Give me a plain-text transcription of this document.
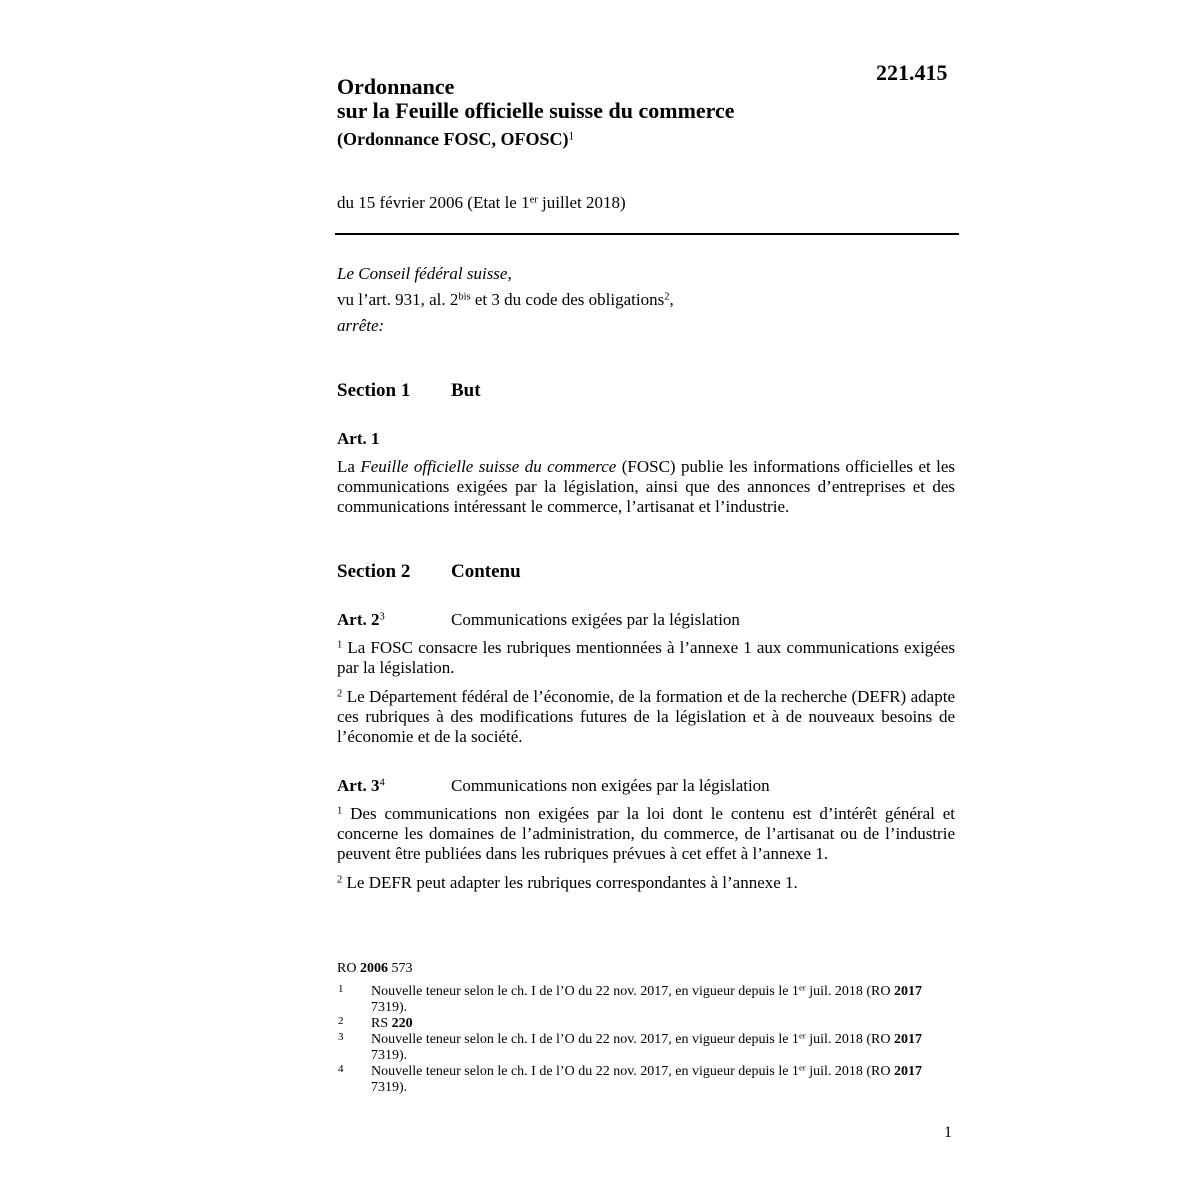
221.415
Ordonnance
sur la Feuille officielle suisse du commerce
(Ordonnance FOSC, OFOSC)$^1$
du 15 février 2006 (Etat le 1er juillet 2018)
Le Conseil fédéral suisse,
vu l’art. 931, al. $2^{bis}$ et 3 du code des obligations$^2$,
arrête:
Section 1 But
Art. 1
La Feuille officielle suisse du commerce (FOSC) publie les informations officielles et les communications exigées par la législation, ainsi que des annonces d’entreprises et des communications intéressant le commerce, l’artisanat et l’industrie.
Section 2 Contenu
Art. $2^3$	Communications exigées par la législation
$^1$ La FOSC consacre les rubriques mentionnées à l’annexe 1 aux communications exigées par la législation.
$^2$ Le Département fédéral de l’économie, de la formation et de la recherche (DEFR) adapte ces rubriques à des modifications futures de la législation et à de nouveaux besoins de l’économie et de la société.
Art. $3^4$	Communications non exigées par la législation
$^1$ Des communications non exigées par la loi dont le contenu est d’intérêt général et concerne les domaines de l’administration, du commerce, de l’artisanat ou de l’industrie peuvent être publiées dans les rubriques prévues à cet effet à l’annexe 1.
$^2$ Le DEFR peut adapter les rubriques correspondantes à l’annexe 1.
RO 2006 573
1 Nouvelle teneur selon le ch. I de l’O du 22 nov. 2017, en vigueur depuis le 1er juil. 2018 (RO 2017 7319).
2 RS 220
3 Nouvelle teneur selon le ch. I de l’O du 22 nov. 2017, en vigueur depuis le 1er juil. 2018 (RO 2017 7319).
4 Nouvelle teneur selon le ch. I de l’O du 22 nov. 2017, en vigueur depuis le 1er juil. 2018 (RO 2017 7319).
1
